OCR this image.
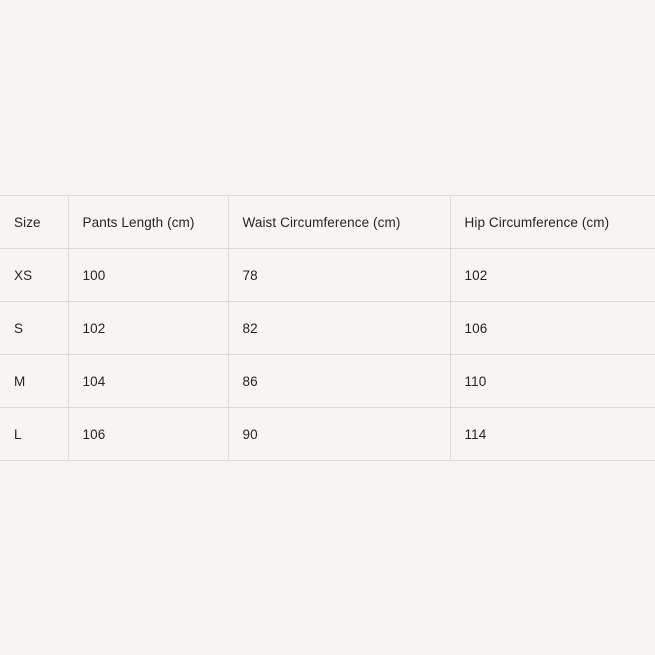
Size	Pants Length (cm)	Waist Circumference (cm)	Hip Circumference (cm)
XS	100	78	102
S	102	82	106
M	104	86	110
L	106	90	114
